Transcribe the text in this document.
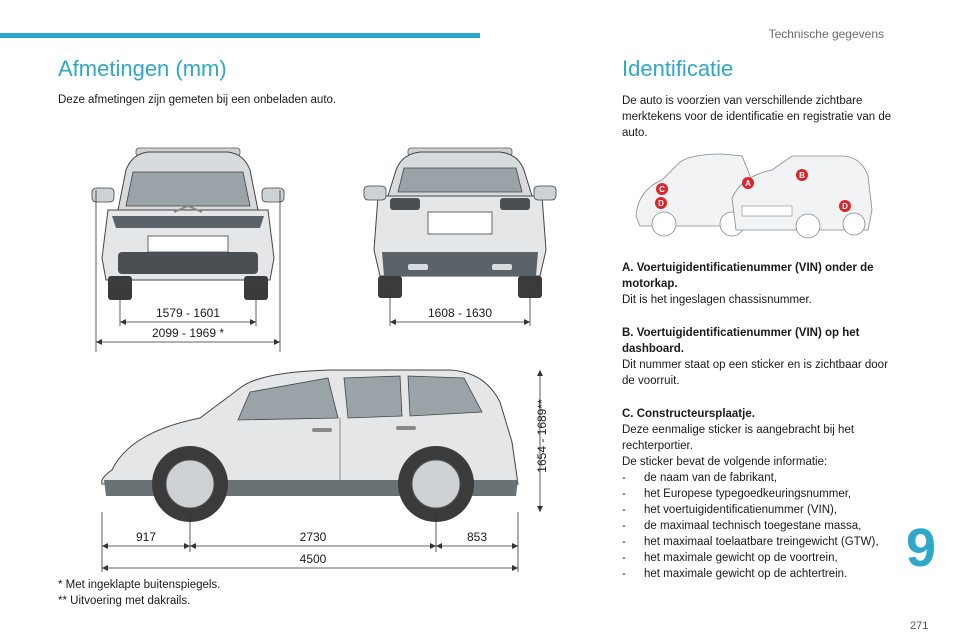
Technische gegevens
Afmetingen (mm)

Deze afmetingen zijn gemeten bij een onbeladen auto.

1579 - 1601
2099 - 1969 *
1608 - 1630
1654 - 1689**
917	2730	853
4500
* Met ingeklapte buitenspiegels.
** Uitvoering met dakrails.
Identificatie

De auto is voorzien van verschillende zichtbare merktekens voor de identificatie en registratie van de auto.

A
B
C
D	D
A. Voertuigidentificatienummer (VIN) onder de motorkap.
Dit is het ingeslagen chassisnummer.
B. Voertuigidentificatienummer (VIN) op het dashboard.
Dit nummer staat op een sticker en is zichtbaar door de voorruit.
C. Constructeursplaatje.
Deze eenmalige sticker is aangebracht bij het rechterportier.
De sticker bevat de volgende informatie:
- de naam van de fabrikant,
- het Europese typegoedkeuringsnummer,
- het voertuigidentificatienummer (VIN),
- de maximaal technisch toegestane massa,
- het maximaal toelaatbare treingewicht (GTW),
- het maximale gewicht op de voortrein,
- het maximale gewicht op de achtertrein.	9
271
